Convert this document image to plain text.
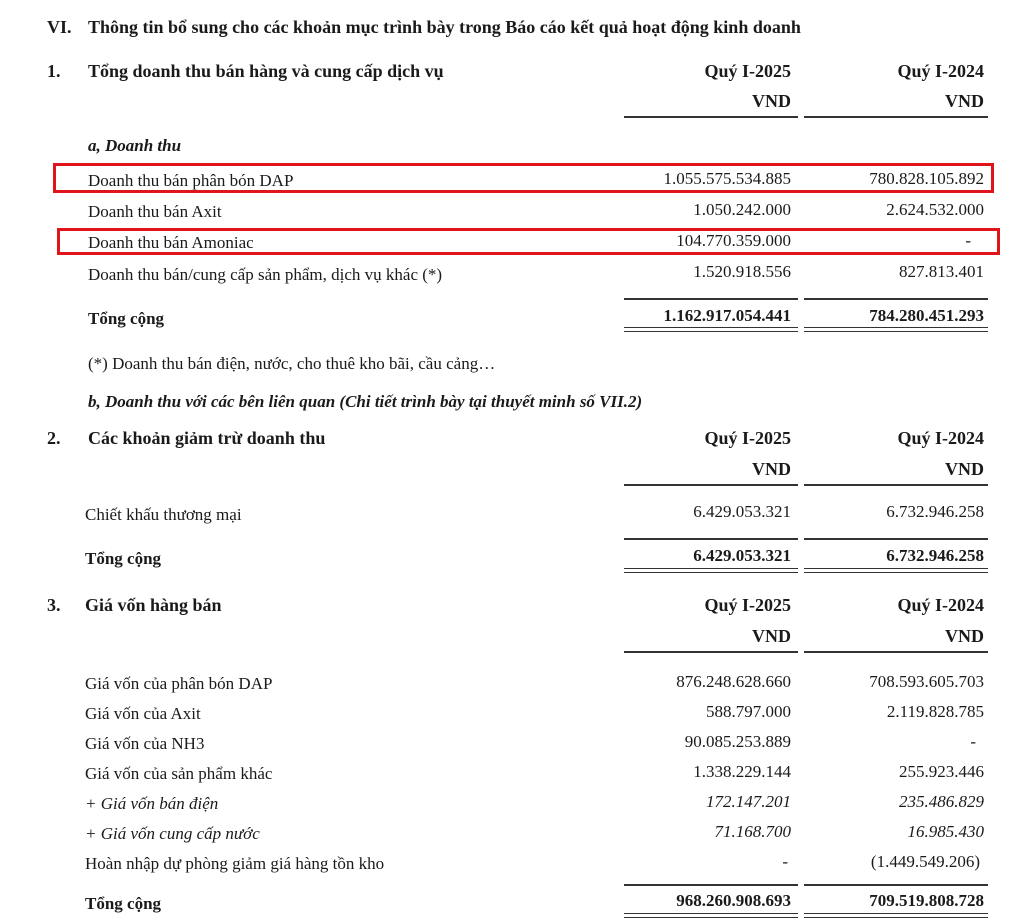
VI. Thông tin bổ sung cho các khoản mục trình bày trong Báo cáo kết quả hoạt động kinh doanh
1. Tổng doanh thu bán hàng và cung cấp dịch vụ	Quý I-2025	Quý I-2024
VND	VND
a, Doanh thu
Doanh thu bán phân bón DAP	1.055.575.534.885	780.828.105.892
Doanh thu bán Axit	1.050.242.000	2.624.532.000
Doanh thu bán Amoniac	104.770.359.000	-
Doanh thu bán/cung cấp sản phẩm, dịch vụ khác (*)	1.520.918.556	827.813.401
Tổng cộng	1.162.917.054.441	784.280.451.293
(*) Doanh thu bán điện, nước, cho thuê kho bãi, cầu cảng…
b, Doanh thu với các bên liên quan (Chi tiết trình bày tại thuyết minh số VII.2)
2. Các khoản giảm trừ doanh thu	Quý I-2025	Quý I-2024
VND	VND
Chiết khấu thương mại	6.429.053.321	6.732.946.258
Tổng cộng	6.429.053.321	6.732.946.258
3. Giá vốn hàng bán	Quý I-2025	Quý I-2024
VND	VND
Giá vốn của phân bón DAP	876.248.628.660	708.593.605.703
Giá vốn của Axit	588.797.000	2.119.828.785
Giá vốn của NH3	90.085.253.889	-
Giá vốn của sản phẩm khác	1.338.229.144	255.923.446
+ Giá vốn bán điện	172.147.201	235.486.829
+ Giá vốn cung cấp nước	71.168.700	16.985.430
Hoàn nhập dự phòng giảm giá hàng tồn kho	-	(1.449.549.206)
Tổng cộng	968.260.908.693	709.519.808.728
